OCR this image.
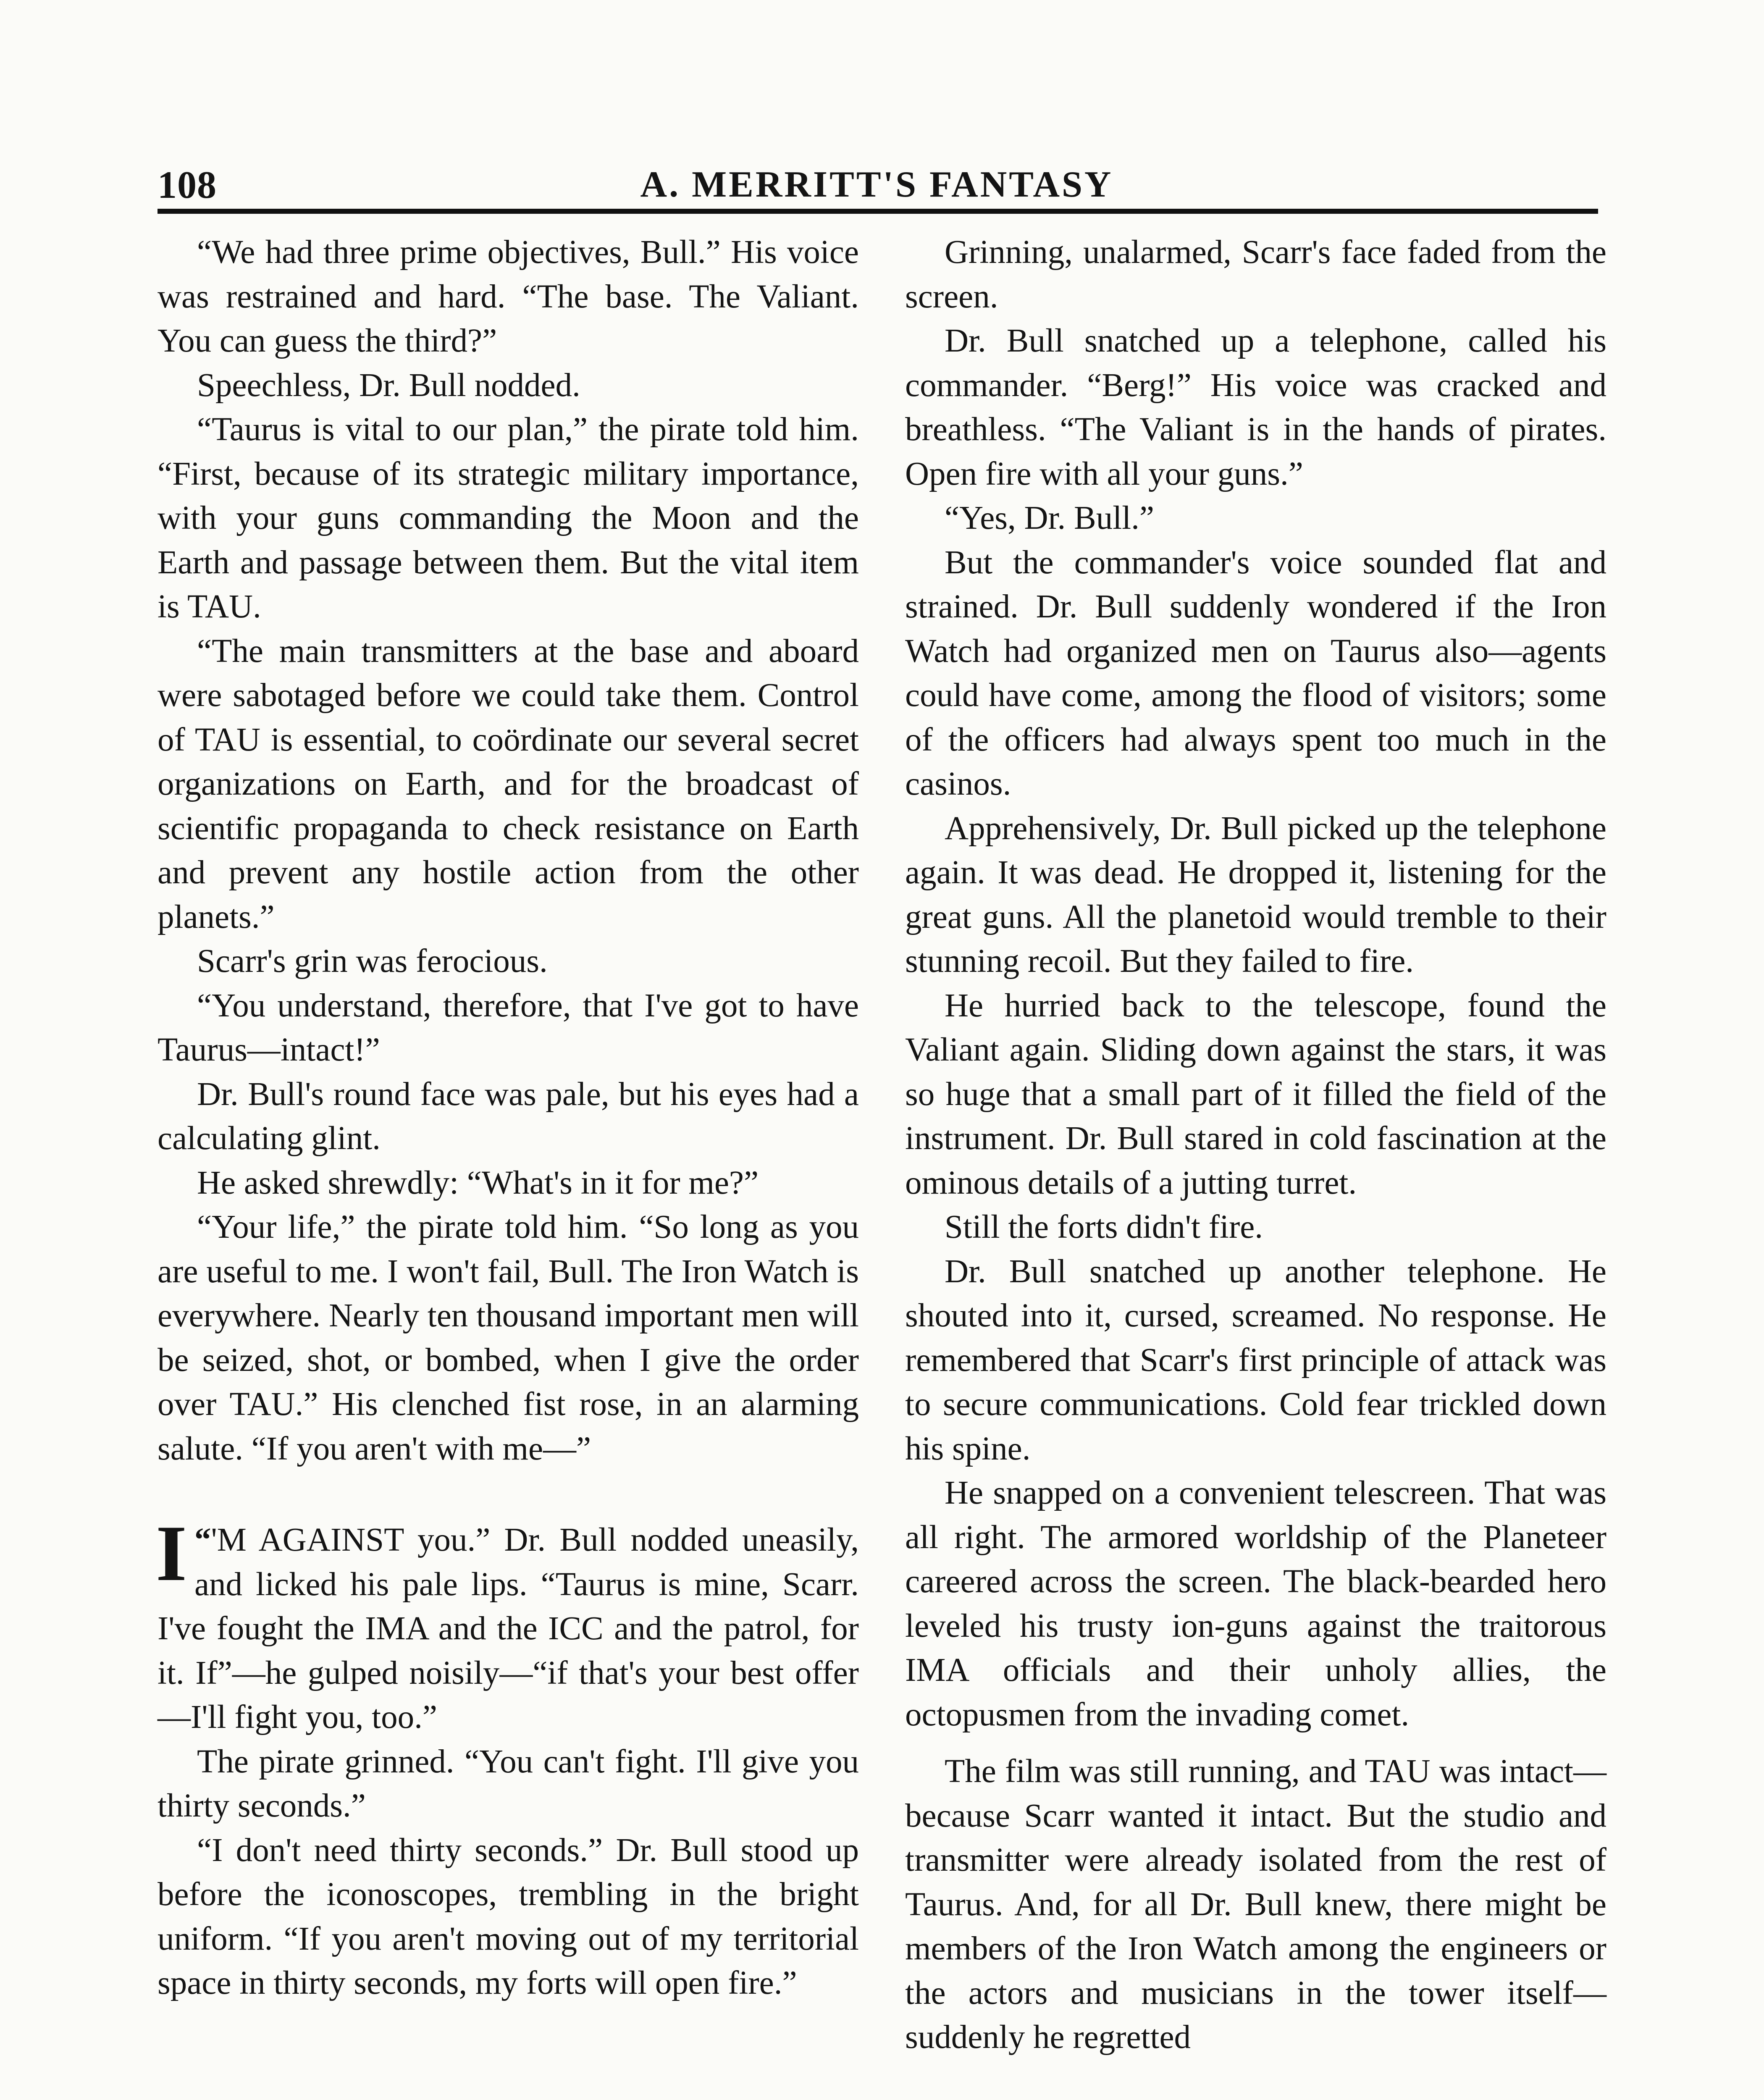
A. MERRITT'S FANTASY
108

“We had three prime objectives, Bull.” His voice was restrained and hard. “The base. The Valiant. You can guess the third?”

Speechless, Dr. Bull nodded.

“Taurus is vital to our plan,” the pirate told him. “First, because of its strategic military importance, with your guns commanding the Moon and the Earth and passage between them. But the vital item is TAU.

“The main transmitters at the base and aboard were sabotaged before we could take them. Control of TAU is essential, to coördinate our several secret organizations on Earth, and for the broadcast of scientific propaganda to check resistance on Earth and prevent any hostile action from the other planets.”

Scarr's grin was ferocious.

“You understand, therefore, that I've got to have Taurus—intact!”

Dr. Bull's round face was pale, but his eyes had a calculating glint.

He asked shrewdly: “What's in it for me?”

“Your life,” the pirate told him. “So long as you are useful to me. I won't fail, Bull. The Iron Watch is everywhere. Nearly ten thousand important men will be seized, shot, or bombed, when I give the order over TAU.” His clenched fist rose, in an alarming salute. “If you aren't with me—”

“
I 'M AGAINST you.” Dr. Bull nodded uneasily, and licked his pale lips. “Taurus is mine, Scarr. I've fought the IMA and the ICC and the patrol, for it. If”—he gulped noisily—“if that's your best offer—I'll fight you, too.”

The pirate grinned. “You can't fight. I'll give you thirty seconds.”

“I don't need thirty seconds.” Dr. Bull stood up before the iconoscopes, trembling in the bright uniform. “If you aren't moving out of my territorial space in thirty seconds, my forts will open fire.”

Grinning, unalarmed, Scarr's face faded from the screen.

Dr. Bull snatched up a telephone, called his commander. “Berg!” His voice was cracked and breathless. “The Valiant is in the hands of pirates. Open fire with all your guns.”

“Yes, Dr. Bull.”

But the commander's voice sounded flat and strained. Dr. Bull suddenly wondered if the Iron Watch had organized men on Taurus also—agents could have come, among the flood of visitors; some of the officers had always spent too much in the casinos.

Apprehensively, Dr. Bull picked up the telephone again. It was dead. He dropped it, listening for the great guns. All the planetoid would tremble to their stunning recoil. But they failed to fire.

He hurried back to the telescope, found the Valiant again. Sliding down against the stars, it was so huge that a small part of it filled the field of the instrument. Dr. Bull stared in cold fascination at the ominous details of a jutting turret.

Still the forts didn't fire.

Dr. Bull snatched up another telephone. He shouted into it, cursed, screamed. No response. He remembered that Scarr's first principle of attack was to secure communications. Cold fear trickled down his spine.

He snapped on a convenient telescreen. That was all right. The armored worldship of the Planeteer careered across the screen. The black-bearded hero leveled his trusty ion-guns against the traitorous IMA officials and their unholy allies, the octopusmen from the invading comet.

The film was still running, and TAU was intact—because Scarr wanted it intact. But the studio and transmitter were already isolated from the rest of Taurus. And, for all Dr. Bull knew, there might be members of the Iron Watch among the engineers or the actors and musicians in the tower itself—suddenly he regretted
